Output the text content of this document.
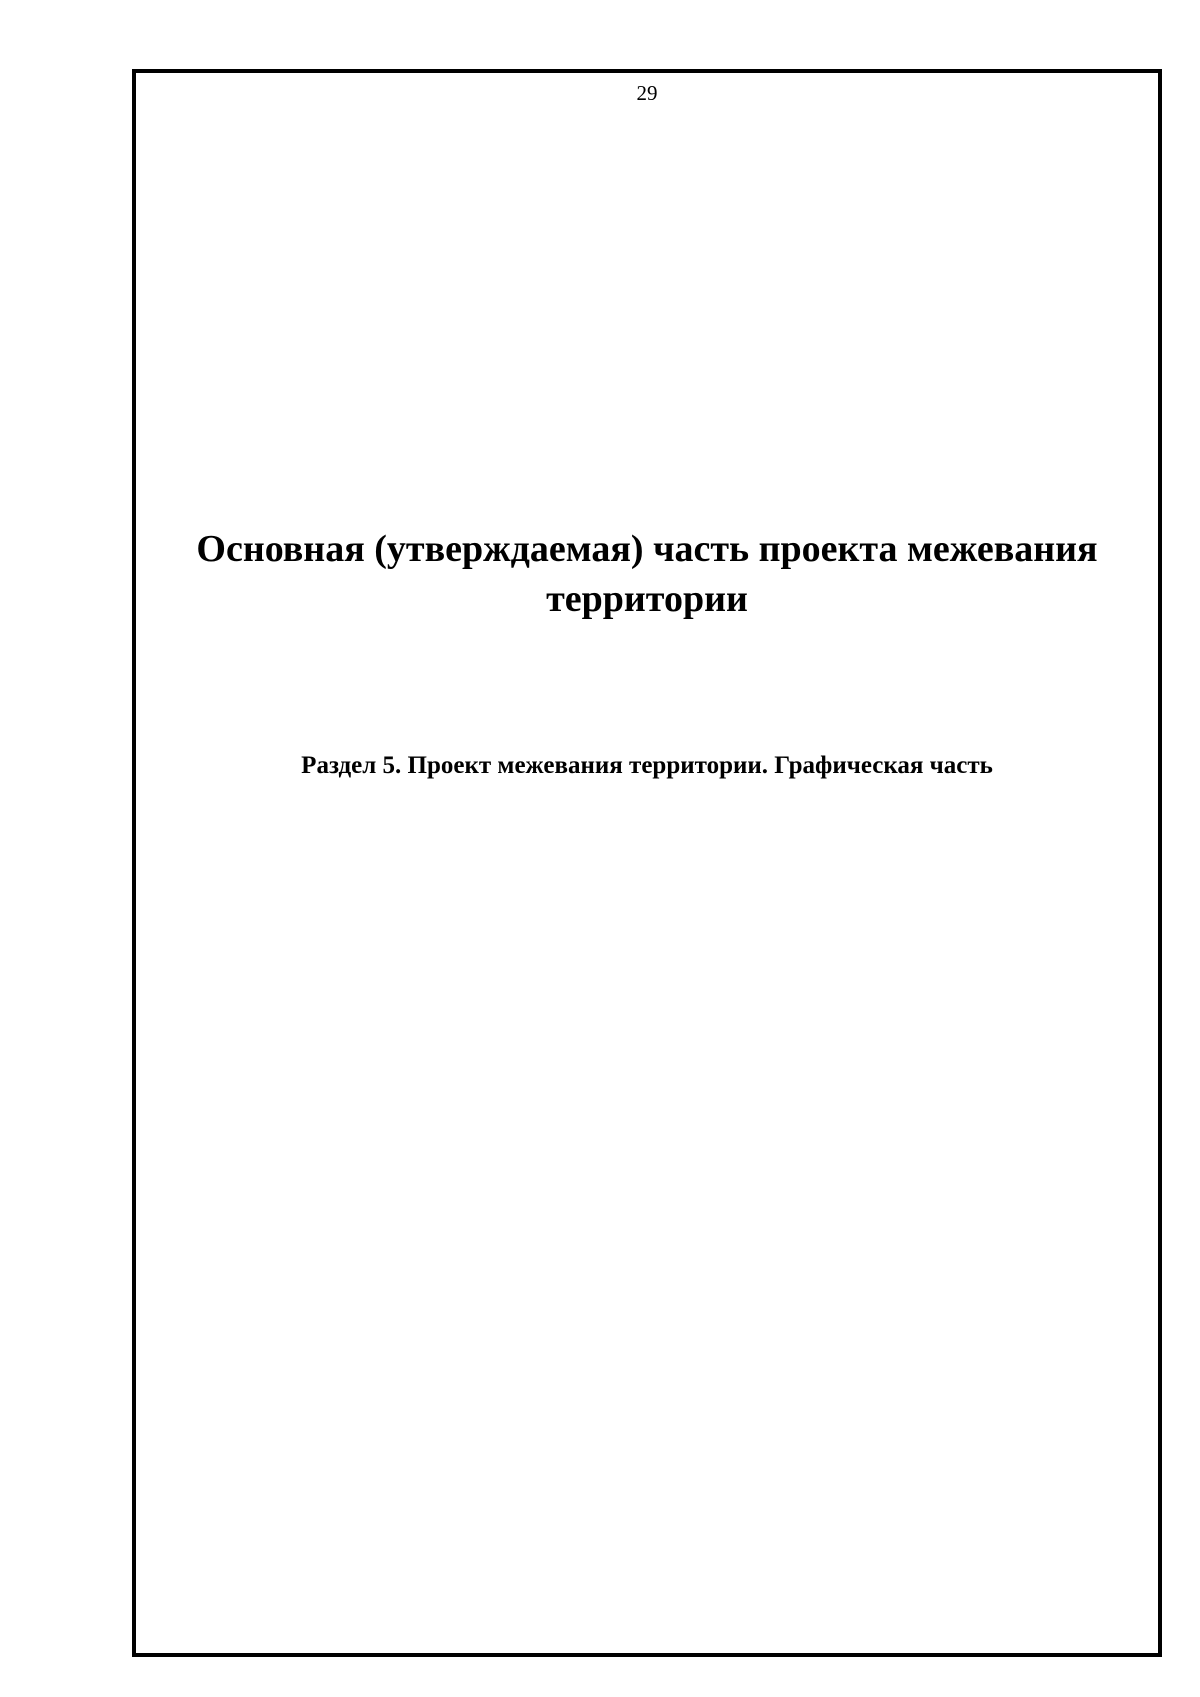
29
Основная (утверждаемая) часть проекта межевания
территории
Раздел 5. Проект межевания территории. Графическая часть
